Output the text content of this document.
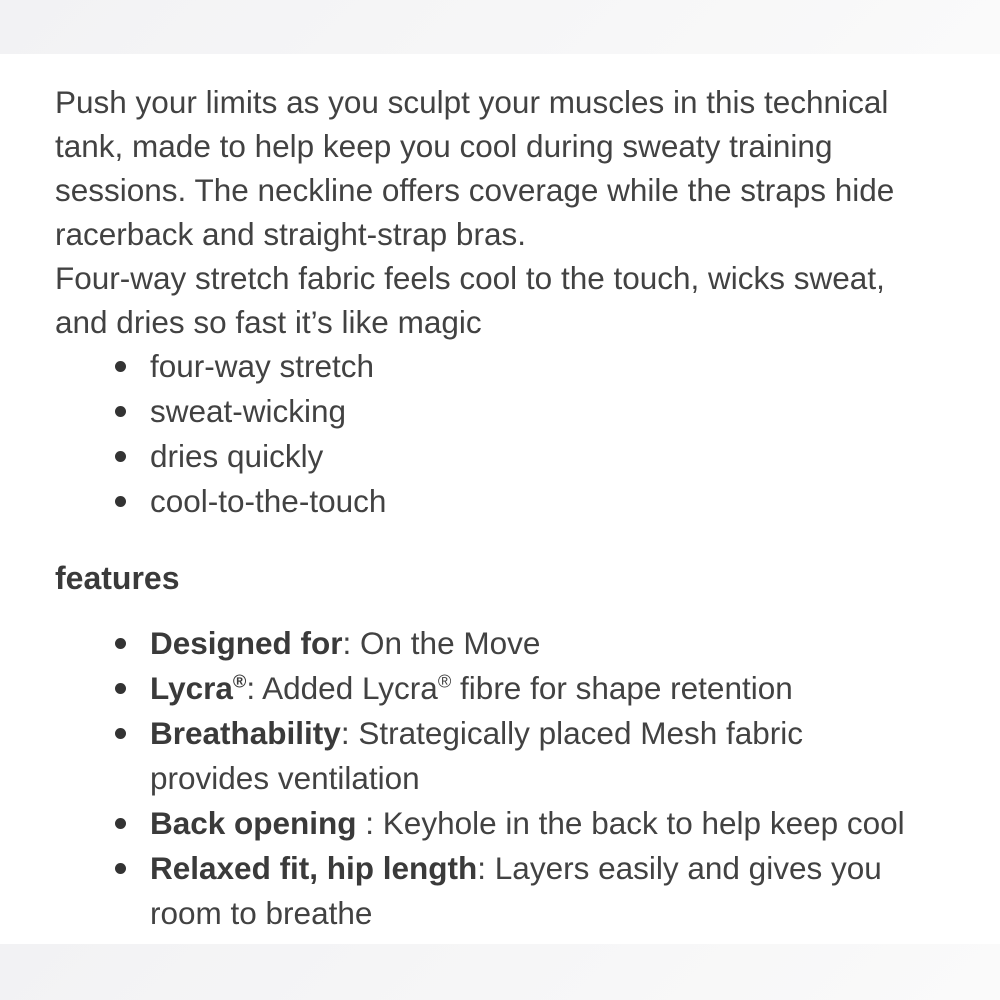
Push your limits as you sculpt your muscles in this technical tank, made to help keep you cool during sweaty training sessions. The neckline offers coverage while the straps hide racerback and straight-strap bras.

Four-way stretch fabric feels cool to the touch, wicks sweat, and dries so fast it’s like magic

four-way stretch
sweat-wicking
dries quickly
cool-to-the-touch
features
Designed for: On the Move
Lycra®: Added Lycra® fibre for shape retention
Breathability: Strategically placed Mesh fabric provides ventilation
Back opening : Keyhole in the back to help keep cool
Relaxed fit, hip length: Layers easily and gives you room to breathe
